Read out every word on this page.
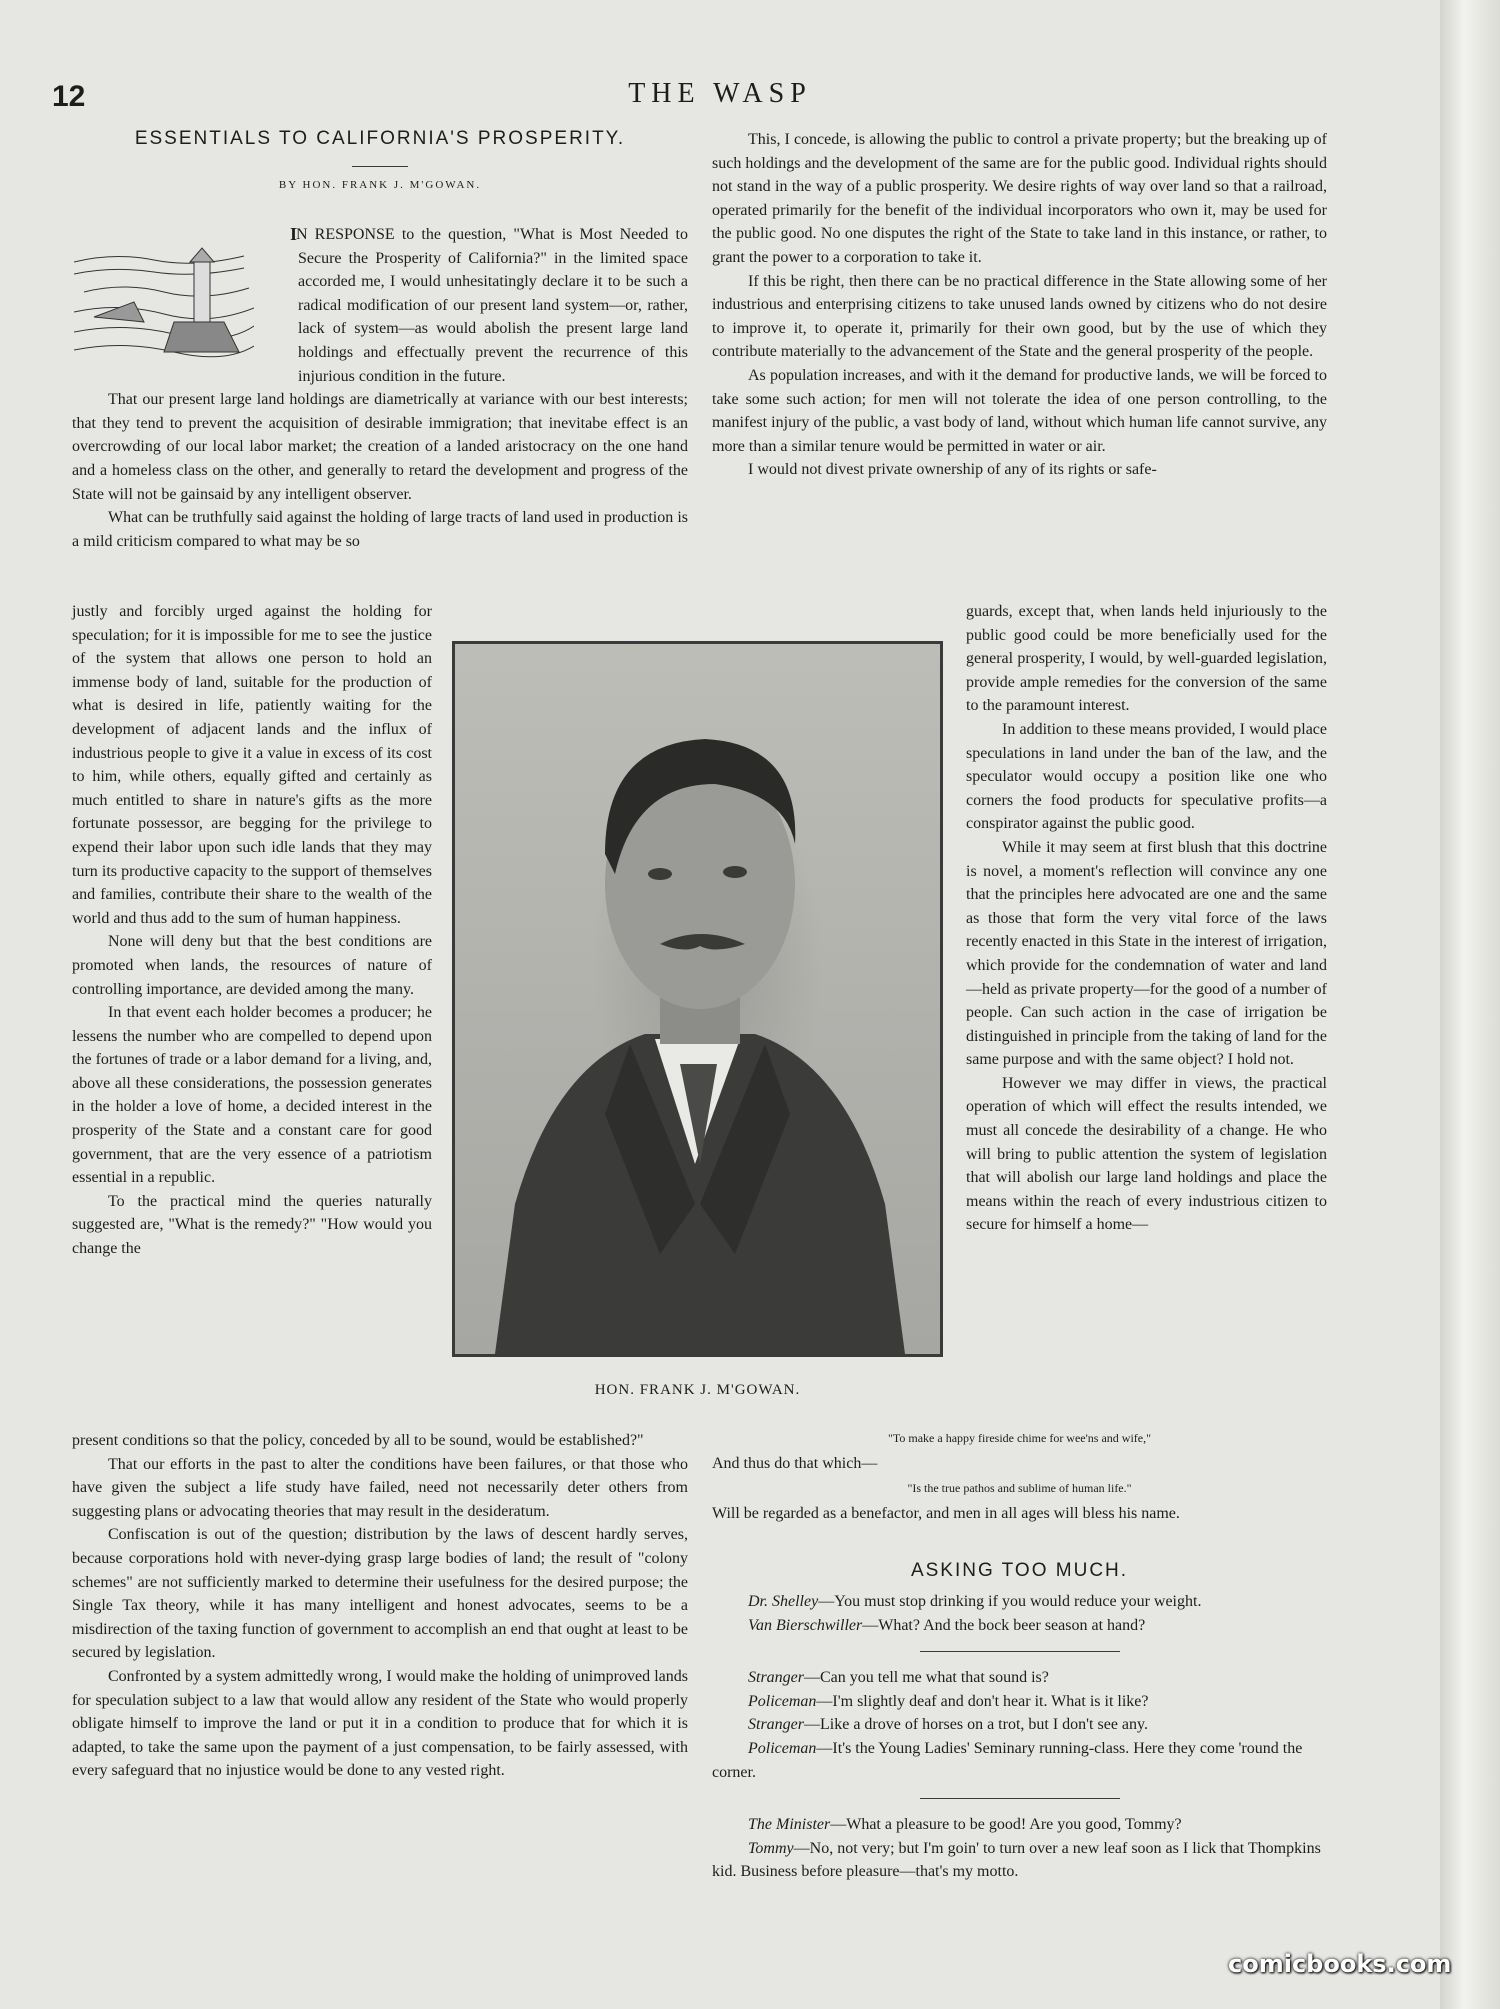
12	THE WASP
ESSENTIALS TO CALIFORNIA'S PROSPERITY.
BY HON. FRANK J. M'GOWAN.

I
N RESPONSE to the question, "What is Most Needed to Secure the Prosperity of California?" in the limited space accorded me, I would unhesitatingly declare it to be such a radical modification of our present land system—or, rather, lack of system—as would abolish the present large land holdings and effectually prevent the recurrence of this injurious condition in the future.

That our present large land holdings are diametrically at variance with our best interests; that they tend to prevent the acquisition of desirable immigration; that inevitabe effect is an overcrowding of our local labor market; the creation of a landed aristocracy on the one hand and a homeless class on the other, and generally to retard the development and progress of the State will not be gainsaid by any intelligent observer.

What can be truthfully said against the holding of large tracts of land used in production is a mild criticism compared to what may be so

justly and forcibly urged against the holding for speculation; for it is impossible for me to see the justice of the system that allows one person to hold an immense body of land, suitable for the production of what is desired in life, patiently waiting for the development of adjacent lands and the influx of industrious people to give it a value in excess of its cost to him, while others, equally gifted and certainly as much entitled to share in nature's gifts as the more fortunate possessor, are begging for the privilege to expend their labor upon such idle lands that they may turn its productive capacity to the support of themselves and families, contribute their share to the wealth of the world and thus add to the sum of human happiness.

None will deny but that the best conditions are promoted when lands, the resources of nature of controlling importance, are devided among the many.

In that event each holder becomes a producer; he lessens the number who are compelled to depend upon the fortunes of trade or a labor demand for a living, and, above all these considerations, the possession generates in the holder a love of home, a decided interest in the prosperity of the State and a constant care for good government, that are the very essence of a patriotism essential in a republic.

To the practical mind the queries naturally suggested are, "What is the remedy?" "How would you change the

present conditions so that the policy, conceded by all to be sound, would be established?"

That our efforts in the past to alter the conditions have been failures, or that those who have given the subject a life study have failed, need not necessarily deter others from suggesting plans or advocating theories that may result in the desideratum.

Confiscation is out of the question; distribution by the laws of descent hardly serves, because corporations hold with never-dying grasp large bodies of land; the result of "colony schemes" are not sufficiently marked to determine their usefulness for the desired purpose; the Single Tax theory, while it has many intelligent and honest advocates, seems to be a misdirection of the taxing function of government to accomplish an end that ought at least to be secured by legislation.

Confronted by a system admittedly wrong, I would make the holding of unimproved lands for speculation subject to a law that would allow any resident of the State who would properly obligate himself to improve the land or put it in a condition to produce that for which it is adapted, to take the same upon the payment of a just compensation, to be fairly assessed, with every safeguard that no injustice would be done to any vested right.

HON. FRANK J. M'GOWAN.

This, I concede, is allowing the public to control a private property; but the breaking up of such holdings and the development of the same are for the public good. Individual rights should not stand in the way of a public prosperity. We desire rights of way over land so that a railroad, operated primarily for the benefit of the individual incorporators who own it, may be used for the public good. No one disputes the right of the State to take land in this instance, or rather, to grant the power to a corporation to take it.

If this be right, then there can be no practical difference in the State allowing some of her industrious and enterprising citizens to take unused lands owned by citizens who do not desire to improve it, to operate it, primarily for their own good, but by the use of which they contribute materially to the advancement of the State and the general prosperity of the people.

As population increases, and with it the demand for productive lands, we will be forced to take some such action; for men will not tolerate the idea of one person controlling, to the manifest injury of the public, a vast body of land, without which human life cannot survive, any more than a similar tenure would be permitted in water or air.

I would not divest private ownership of any of its rights or safe-

guards, except that, when lands held injuriously to the public good could be more beneficially used for the general prosperity, I would, by well-guarded legislation, provide ample remedies for the conversion of the same to the paramount interest.

In addition to these means provided, I would place speculations in land under the ban of the law, and the speculator would occupy a position like one who corners the food products for speculative profits—a conspirator against the public good.

While it may seem at first blush that this doctrine is novel, a moment's reflection will convince any one that the principles here advocated are one and the same as those that form the very vital force of the laws recently enacted in this State in the interest of irrigation, which provide for the condemnation of water and land—held as private property—for the good of a number of people. Can such action in the case of irrigation be distinguished in principle from the taking of land for the same purpose and with the same object? I hold not.

However we may differ in views, the practical operation of which will effect the results intended, we must all concede the desirability of a change. He who will bring to public attention the system of legislation that will abolish our large land holdings and place the means within the reach of every industrious citizen to secure for himself a home—

"To make a happy fireside chime for wee'ns and wife,"
And thus do that which—
"Is the true pathos and sublime of human life."
Will be regarded as a benefactor, and men in all ages will bless his name.
ASKING TOO MUCH.

Dr. Shelley—You must stop drinking if you would reduce your weight.

Van Bierschwiller—What? And the bock beer season at hand?

Stranger—Can you tell me what that sound is?

Policeman—I'm slightly deaf and don't hear it. What is it like?

Stranger—Like a drove of horses on a trot, but I don't see any.

Policeman—It's the Young Ladies' Seminary running-class. Here they come 'round the corner.

The Minister—What a pleasure to be good! Are you good, Tommy?

Tommy—No, not very; but I'm goin' to turn over a new leaf soon as I lick that Thompkins kid. Business before pleasure—that's my motto.

comicbooks.com
